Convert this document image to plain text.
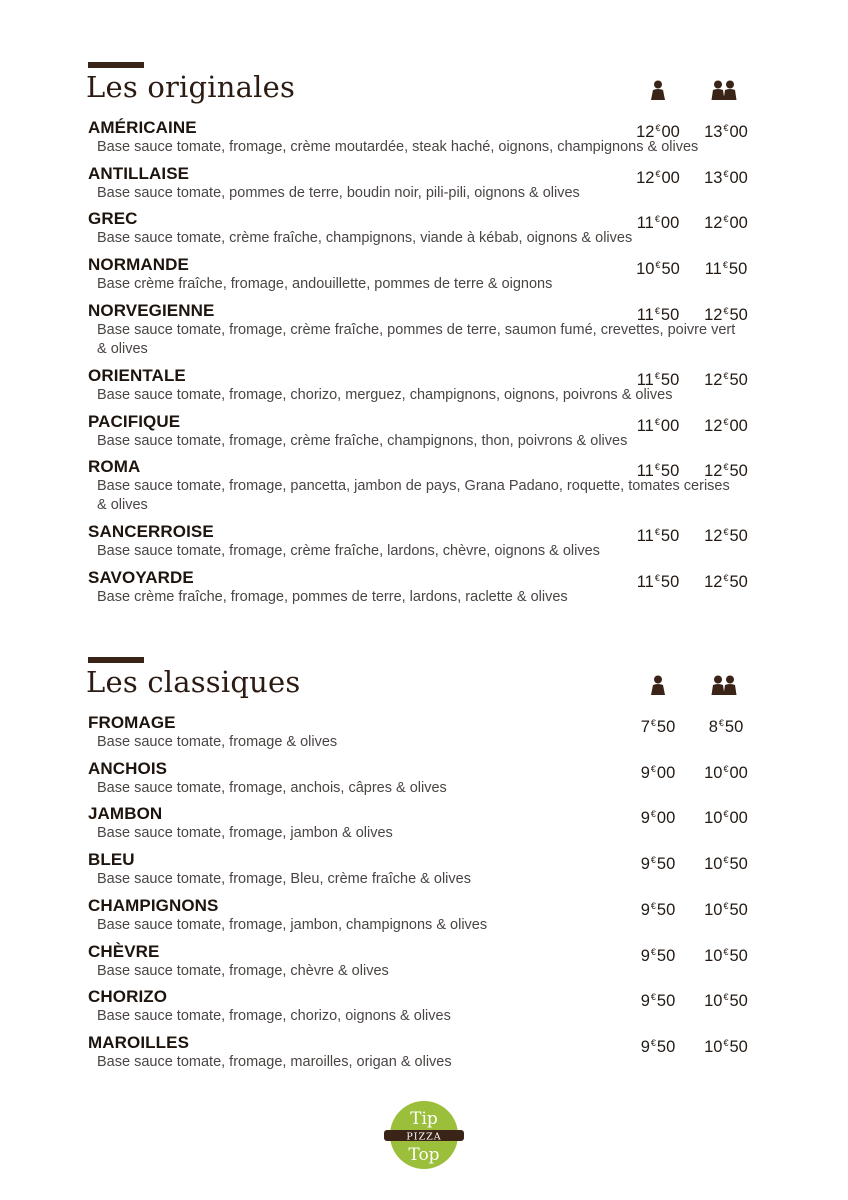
Les originales
AMÉRICAINE
Base sauce tomate, fromage, crème moutardée, steak haché, oignons, champignons & olives
12€00	13€00
ANTILLAISE
Base sauce tomate, pommes de terre, boudin noir, pili-pili, oignons & olives
12€00	13€00
GREC
Base sauce tomate, crème fraîche, champignons, viande à kébab, oignons & olives
11€00	12€00
NORMANDE
Base crème fraîche, fromage, andouillette, pommes de terre & oignons
10€50	11€50
NORVEGIENNE
Base sauce tomate, fromage, crème fraîche, pommes de terre, saumon fumé, crevettes, poivre vert & olives
11€50	12€50
ORIENTALE
Base sauce tomate, fromage, chorizo, merguez, champignons, oignons, poivrons & olives
11€50	12€50
PACIFIQUE
Base sauce tomate, fromage, crème fraîche, champignons, thon, poivrons & olives
11€00	12€00
ROMA
Base sauce tomate, fromage, pancetta, jambon de pays, Grana Padano, roquette, tomates cerises & olives
11€50	12€50
SANCERROISE
Base sauce tomate, fromage, crème fraîche, lardons, chèvre, oignons & olives
11€50	12€50
SAVOYARDE
Base crème fraîche, fromage, pommes de terre, lardons, raclette & olives
11€50	12€50
Les classiques
FROMAGE
Base sauce tomate, fromage & olives
7€50	8€50
ANCHOIS
Base sauce tomate, fromage, anchois, câpres & olives
9€00	10€00
JAMBON
Base sauce tomate, fromage, jambon & olives
9€00	10€00
BLEU
Base sauce tomate, fromage, Bleu, crème fraîche & olives
9€50	10€50
CHAMPIGNONS
Base sauce tomate, fromage, jambon, champignons & olives
9€50	10€50
CHÈVRE
Base sauce tomate, fromage, chèvre & olives
9€50	10€50
CHORIZO
Base sauce tomate, fromage, chorizo, oignons & olives
9€50	10€50
MAROILLES
Base sauce tomate, fromage, maroilles, origan & olives
9€50	10€50
Tip
PIZZA
Top
